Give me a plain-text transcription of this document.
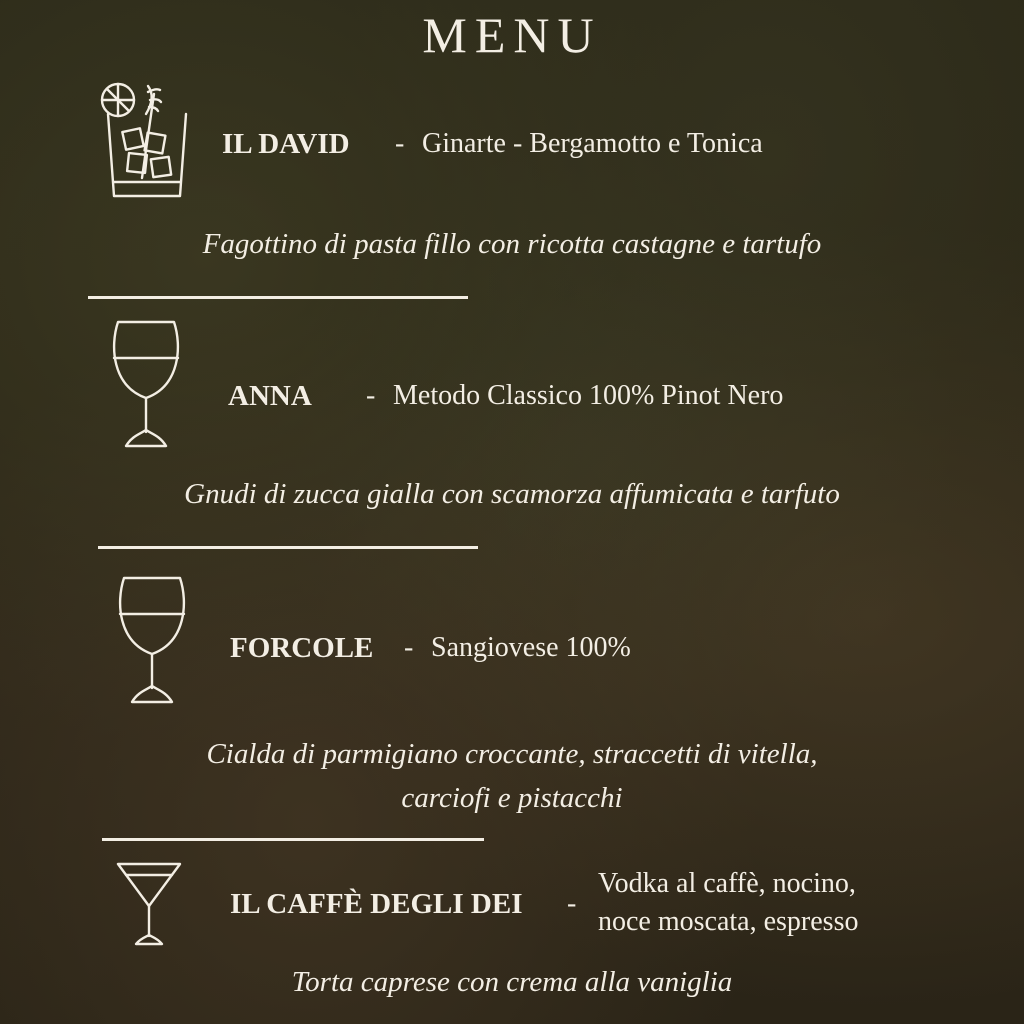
MENU
IL DAVID - Ginarte - Bergamotto e Tonica
Fagottino di pasta fillo con ricotta castagne e tartufo
ANNA - Metodo Classico 100% Pinot Nero
Gnudi di zucca gialla con scamorza affumicata e tarfuto
FORCOLE - Sangiovese 100%
Cialda di parmigiano croccante, straccetti di vitella,
carciofi e pistacchi
IL CAFFÈ DEGLI DEI -
Vodka al caffè, nocino,
noce moscata, espresso
Torta caprese con crema alla vaniglia
